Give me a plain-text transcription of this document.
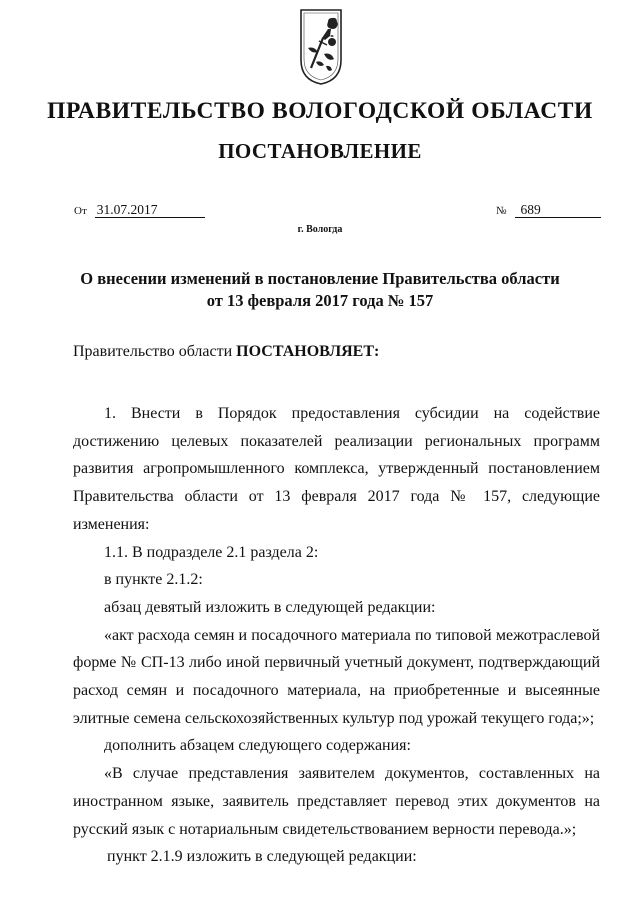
ПРАВИТЕЛЬСТВО ВОЛОГОДСКОЙ ОБЛАСТИ
ПОСТАНОВЛЕНИЕ
От 31.07.2017	№ 689
г. Вологда
О внесении изменений в постановление Правительства области
от 13 февраля 2017 года № 157
Правительство области ПОСТАНОВЛЯЕТ:

1. Внести в Порядок предоставления субсидии на содействие достижению целевых показателей реализации региональных программ развития агропромышленного комплекса, утвержденный постановлением Правительства области от 13 февраля 2017 года № 157, следующие изменения:

1.1. В подразделе 2.1 раздела 2:

в пункте 2.1.2:

абзац девятый изложить в следующей редакции:

«акт расхода семян и посадочного материала по типовой межотраслевой форме № СП-13 либо иной первичный учетный документ, подтверждающий расход семян и посадочного материала, на приобретенные и высеянные элитные семена сельскохозяйственных культур под урожай текущего года;»;

дополнить абзацем следующего содержания:

«В случае представления заявителем документов, составленных на иностранном языке, заявитель представляет перевод этих документов на русский язык с нотариальным свидетельствованием верности перевода.»;

пункт 2.1.9 изложить в следующей редакции:
